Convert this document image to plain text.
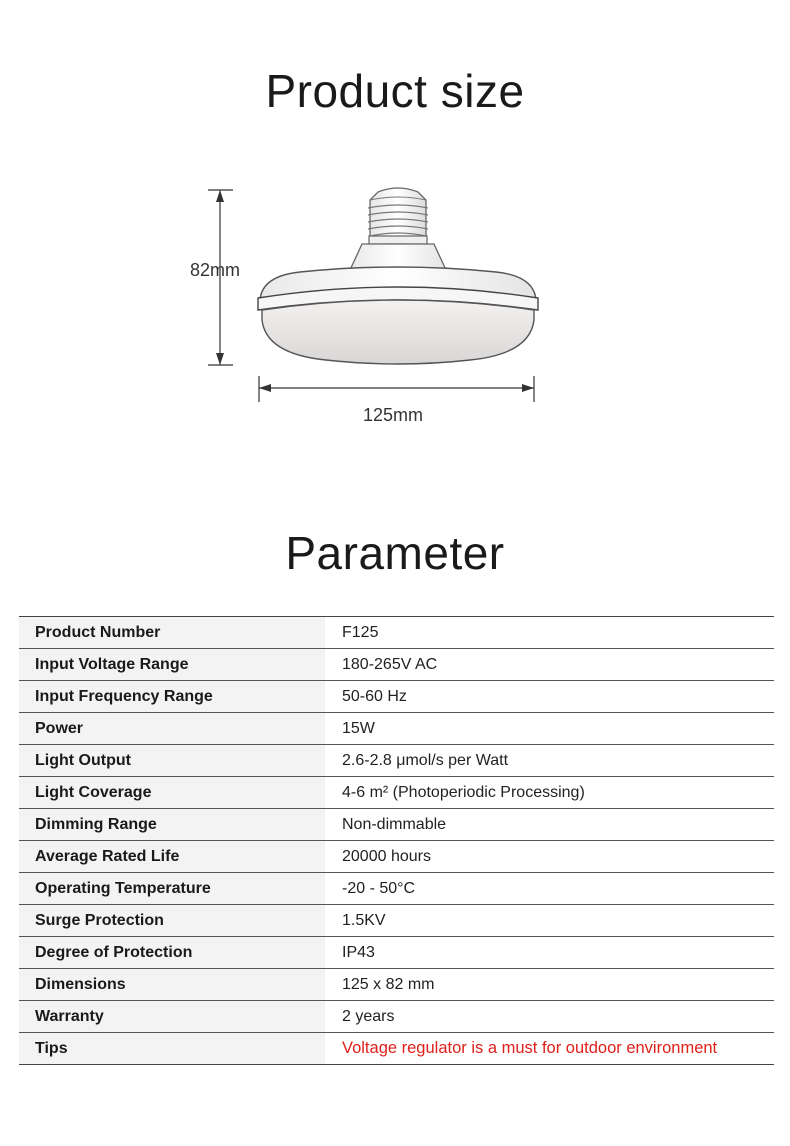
Product size
82mm
125mm
Parameter
Product Number	F125
Input Voltage Range	180-265V AC
Input Frequency Range	50-60 Hz
Power	15W
Light Output	2.6-2.8 μmol/s per Watt
Light Coverage	4-6 m² (Photoperiodic Processing)
Dimming Range	Non-dimmable
Average Rated Life	20000 hours
Operating Temperature	-20 - 50°C
Surge Protection	1.5KV
Degree of Protection	IP43
Dimensions	125 x 82 mm
Warranty	2 years
Tips	Voltage regulator is a must for outdoor environment
